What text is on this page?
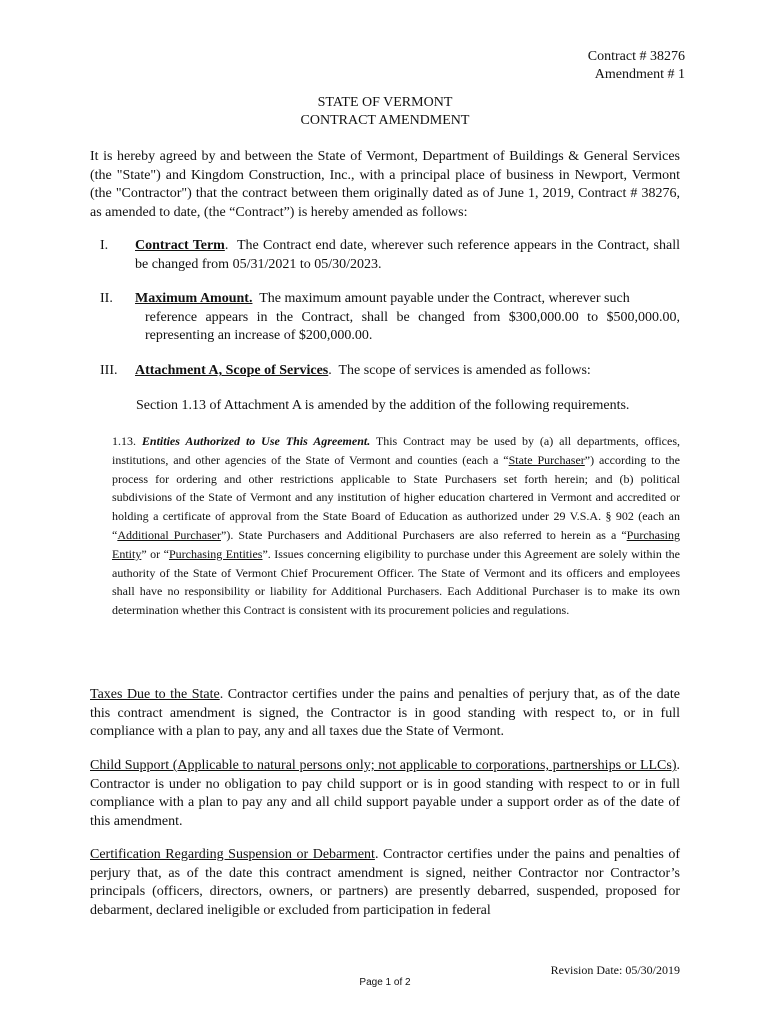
Contract # 38276
Amendment # 1
STATE OF VERMONT
CONTRACT AMENDMENT
It is hereby agreed by and between the State of Vermont, Department of Buildings & General Services (the "State") and Kingdom Construction, Inc., with a principal place of business in Newport, Vermont (the "Contractor") that the contract between them originally dated as of June 1, 2019, Contract # 38276, as amended to date, (the “Contract”) is hereby amended as follows:
I. Contract Term. The Contract end date, wherever such reference appears in the Contract, shall be changed from 05/31/2021 to 05/30/2023.
II. Maximum Amount. The maximum amount payable under the Contract, wherever such
reference appears in the Contract, shall be changed from $300,000.00 to $500,000.00, representing an increase of $200,000.00.
III. Attachment A, Scope of Services. The scope of services is amended as follows:
Section 1.13 of Attachment A is amended by the addition of the following requirements.
1.13. Entities Authorized to Use This Agreement. This Contract may be used by (a) all departments, offices, institutions, and other agencies of the State of Vermont and counties (each a “State Purchaser”) according to the process for ordering and other restrictions applicable to State Purchasers set forth herein; and (b) political subdivisions of the State of Vermont and any institution of higher education chartered in Vermont and accredited or holding a certificate of approval from the State Board of Education as authorized under 29 V.S.A. § 902 (each an “Additional Purchaser”). State Purchasers and Additional Purchasers are also referred to herein as a “Purchasing Entity” or “Purchasing Entities”. Issues concerning eligibility to purchase under this Agreement are solely within the authority of the State of Vermont Chief Procurement Officer. The State of Vermont and its officers and employees shall have no responsibility or liability for Additional Purchasers. Each Additional Purchaser is to make its own determination whether this Contract is consistent with its procurement policies and regulations.
Taxes Due to the State. Contractor certifies under the pains and penalties of perjury that, as of the date this contract amendment is signed, the Contractor is in good standing with respect to, or in full compliance with a plan to pay, any and all taxes due the State of Vermont.
Child Support (Applicable to natural persons only; not applicable to corporations, partnerships or LLCs). Contractor is under no obligation to pay child support or is in good standing with respect to or in full compliance with a plan to pay any and all child support payable under a support order as of the date of this amendment.
Certification Regarding Suspension or Debarment. Contractor certifies under the pains and penalties of perjury that, as of the date this contract amendment is signed, neither Contractor nor Contractor’s principals (officers, directors, owners, or partners) are presently debarred, suspended, proposed for debarment, declared ineligible or excluded from participation in federal
Revision Date: 05/30/2019
Page 1 of 2
